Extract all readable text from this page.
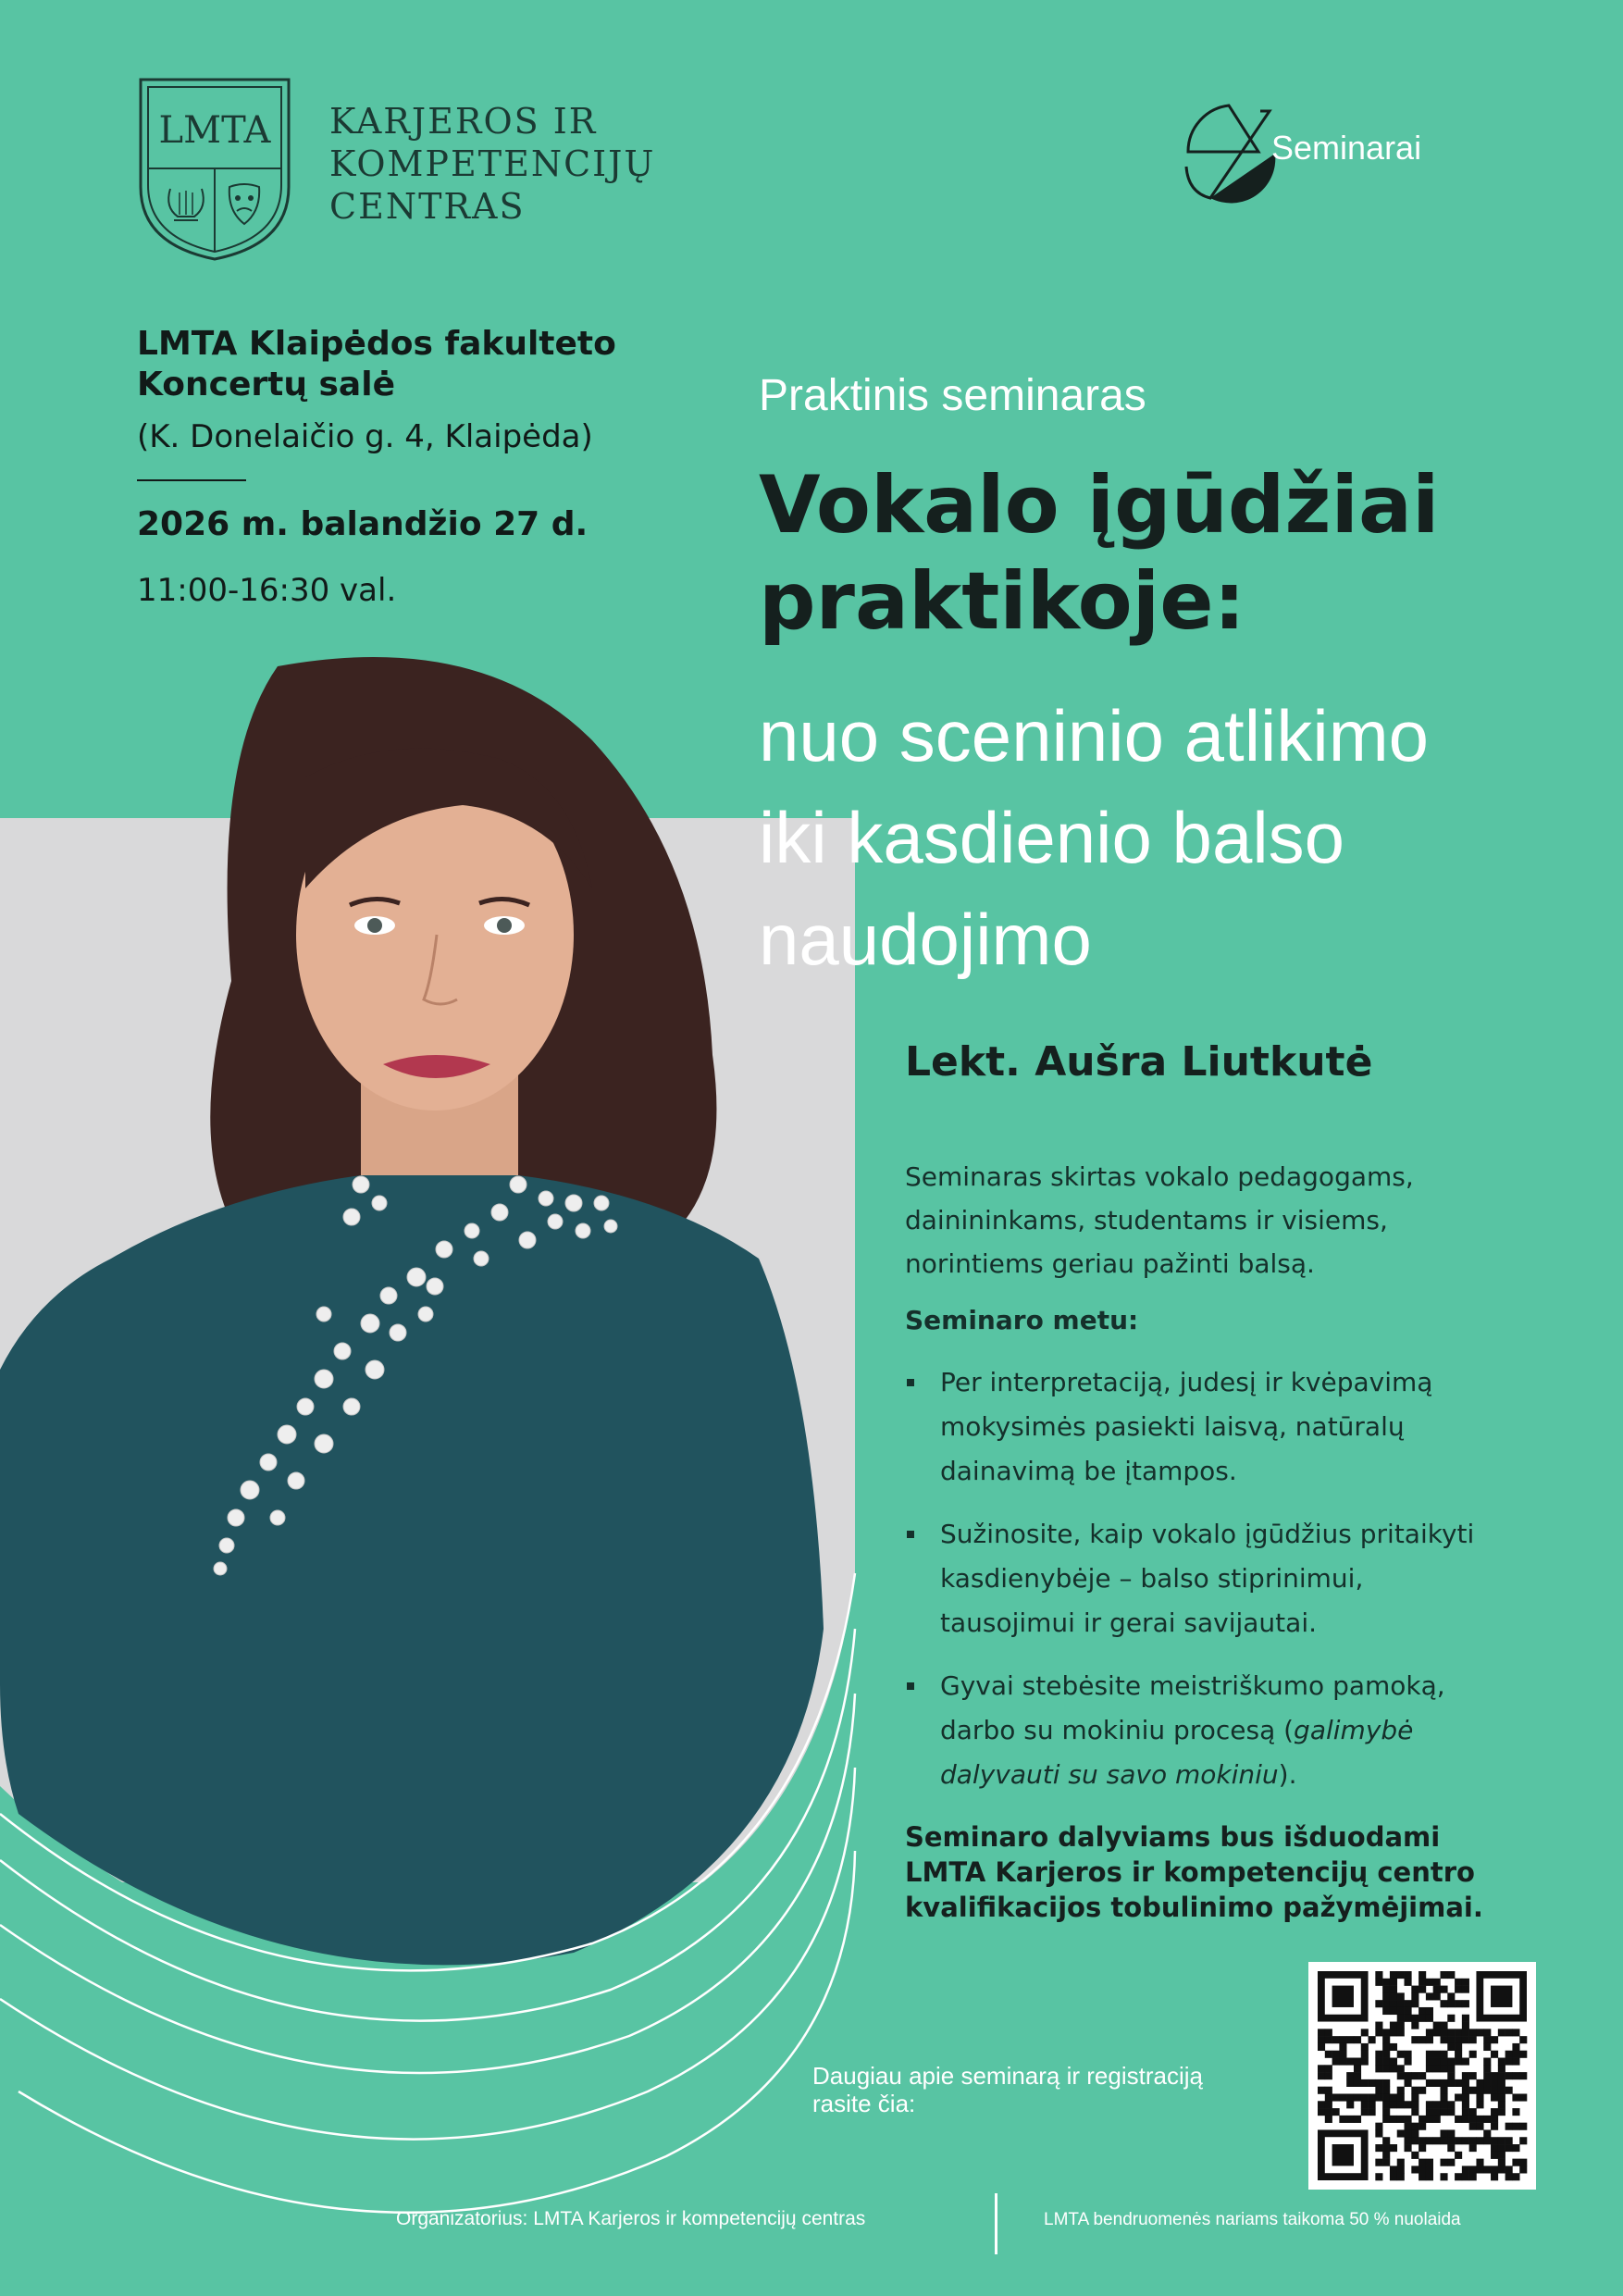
LMTA KARJEROS IR
KOMPETENCIJŲ
CENTRAS
Seminarai
LMTA Klaipėdos fakulteto
Koncertų salė
(K. Donelaičio g. 4, Klaipėda)
2026 m. balandžio 27 d.
11:00-16:30 val.
Praktinis seminaras
Vokalo įgūdžiai
praktikoje:
nuo sceninio atlikimo
iki kasdienio balso
naudojimo
Lekt. Aušra Liutkutė
Seminaras skirtas vokalo pedagogams,
dainininkams, studentams ir visiems,
norintiems geriau pažinti balsą.
Seminaro metu:
Per interpretaciją, judesį ir kvėpavimą
mokysimės pasiekti laisvą, natūralų
dainavimą be įtampos.
Sužinosite, kaip vokalo įgūdžius pritaikyti
kasdienybėje – balso stiprinimui,
tausojimui ir gerai savijautai.
Gyvai stebėsite meistriškumo pamoką,
darbo su mokiniu procesą (galimybė
dalyvauti su savo mokiniu).
Seminaro dalyviams bus išduodami
LMTA Karjeros ir kompetencijų centro
kvalifikacijos tobulinimo pažymėjimai.
Daugiau apie seminarą ir registraciją
rasite čia:
Organizatorius: LMTA Karjeros ir kompetencijų centras	LMTA bendruomenės nariams taikoma 50 % nuolaida
